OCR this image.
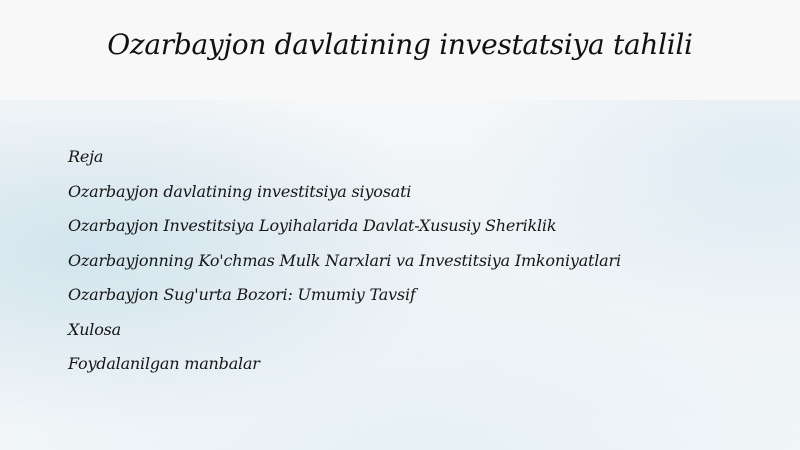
Ozarbayjon davlatining investatsiya tahlili
Reja
Ozarbayjon davlatining investitsiya siyosati
Ozarbayjon Investitsiya Loyihalarida Davlat-Xususiy Sheriklik
Ozarbayjonning Ko'chmas Mulk Narxlari va Investitsiya Imkoniyatlari
Ozarbayjon Sug'urta Bozori: Umumiy Tavsif
Xulosa
Foydalanilgan manbalar
